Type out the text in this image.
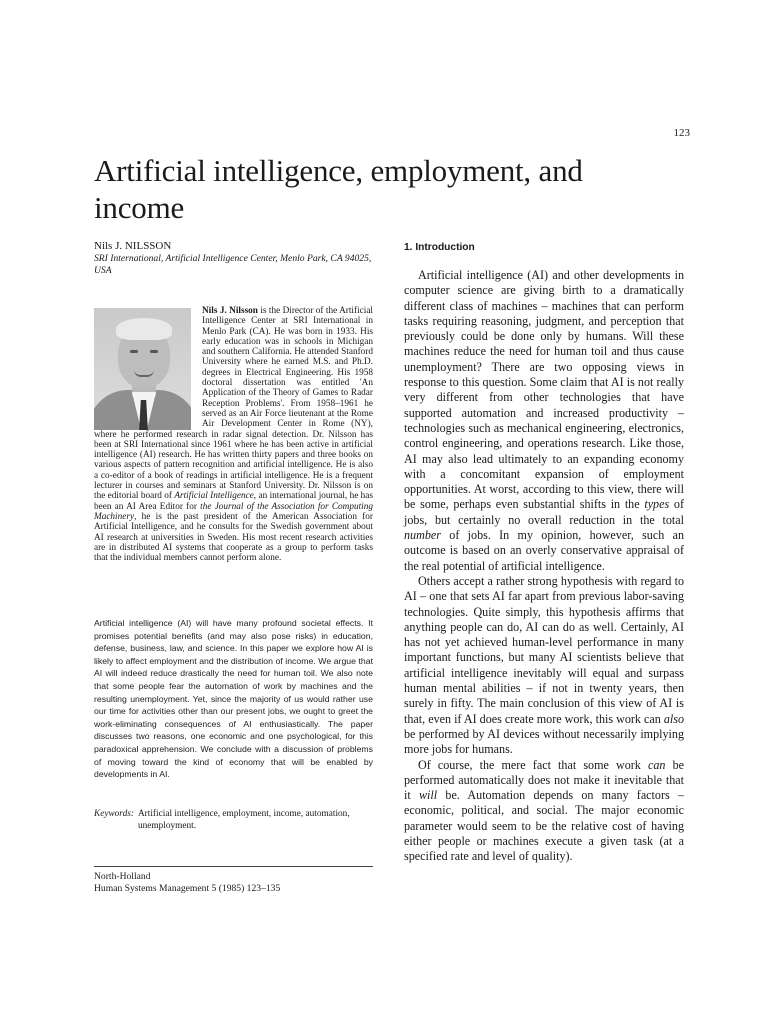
123
Artificial intelligence, employment, and income
Nils J. NILSSON
SRI International, Artificial Intelligence Center, Menlo Park, CA 94025, USA
Nils J. Nilsson is the Director of the Artificial Intelligence Center at SRI International in Menlo Park (CA). He was born in 1933. His early education was in schools in Michigan and southern California. He attended Stanford University where he earned M.S. and Ph.D. degrees in Electrical Engineering. His 1958 doctoral dissertation was entitled 'An Application of the Theory of Games to Radar Reception Problems'. From 1958–1961 he served as an Air Force lieutenant at the Rome Air Development Center in Rome (NY), where he performed research in radar signal detection. Dr. Nilsson has been at SRI International since 1961 where he has been active in artificial intelligence (AI) research. He has written thirty papers and three books on various aspects of pattern recognition and artificial intelligence. He is also a co-editor of a book of readings in artificial intelligence. He is a frequent lecturer in courses and seminars at Stanford University. Dr. Nilsson is on the editorial board of Artificial Intelligence, an international journal, he has been an AI Area Editor for the Journal of the Association for Computing Machinery, he is the past president of the American Association for Artificial Intelligence, and he consults for the Swedish government about AI research at universities in Sweden. His most recent research activities are in distributed AI systems that cooperate as a group to perform tasks that the individual members cannot perform alone.
Artificial intelligence (AI) will have many profound societal effects. It promises potential benefits (and may also pose risks) in education, defense, business, law, and science. In this paper we explore how AI is likely to affect employment and the distribution of income. We argue that AI will indeed reduce drastically the need for human toil. We also note that some people fear the automation of work by machines and the resulting unemployment. Yet, since the majority of us would rather use our time for activities other than our present jobs, we ought to greet the work-eliminating consequences of AI enthusiastically. The paper discusses two reasons, one economic and one psychological, for this paradoxical apprehension. We conclude with a discussion of problems of moving toward the kind of economy that will be enabled by developments in AI.
Keywords: Artificial intelligence, employment, income, automation, unemployment.
North-Holland
Human Systems Management 5 (1985) 123–135
1. Introduction

Artificial intelligence (AI) and other developments in computer science are giving birth to a dramatically different class of machines – machines that can perform tasks requiring reasoning, judgment, and perception that previously could be done only by humans. Will these machines reduce the need for human toil and thus cause unemployment? There are two opposing views in response to this question. Some claim that AI is not really very different from other technologies that have supported automation and increased productivity – technologies such as mechanical engineering, electronics, control engineering, and operations research. Like those, AI may also lead ultimately to an expanding economy with a concomitant expansion of employment opportunities. At worst, according to this view, there will be some, perhaps even substantial shifts in the types of jobs, but certainly no overall reduction in the total number of jobs. In my opinion, however, such an outcome is based on an overly conservative appraisal of the real potential of artificial intelligence.

Others accept a rather strong hypothesis with regard to AI – one that sets AI far apart from previous labor-saving technologies. Quite simply, this hypothesis affirms that anything people can do, AI can do as well. Certainly, AI has not yet achieved human-level performance in many important functions, but many AI scientists believe that artificial intelligence inevitably will equal and surpass human mental abilities – if not in twenty years, then surely in fifty. The main conclusion of this view of AI is that, even if AI does create more work, this work can also be performed by AI devices without necessarily implying more jobs for humans.

Of course, the mere fact that some work can be performed automatically does not make it inevitable that it will be. Automation depends on many factors – economic, political, and social. The major economic parameter would seem to be the relative cost of having either people or machines execute a given task (at a specified rate and level of quality).
